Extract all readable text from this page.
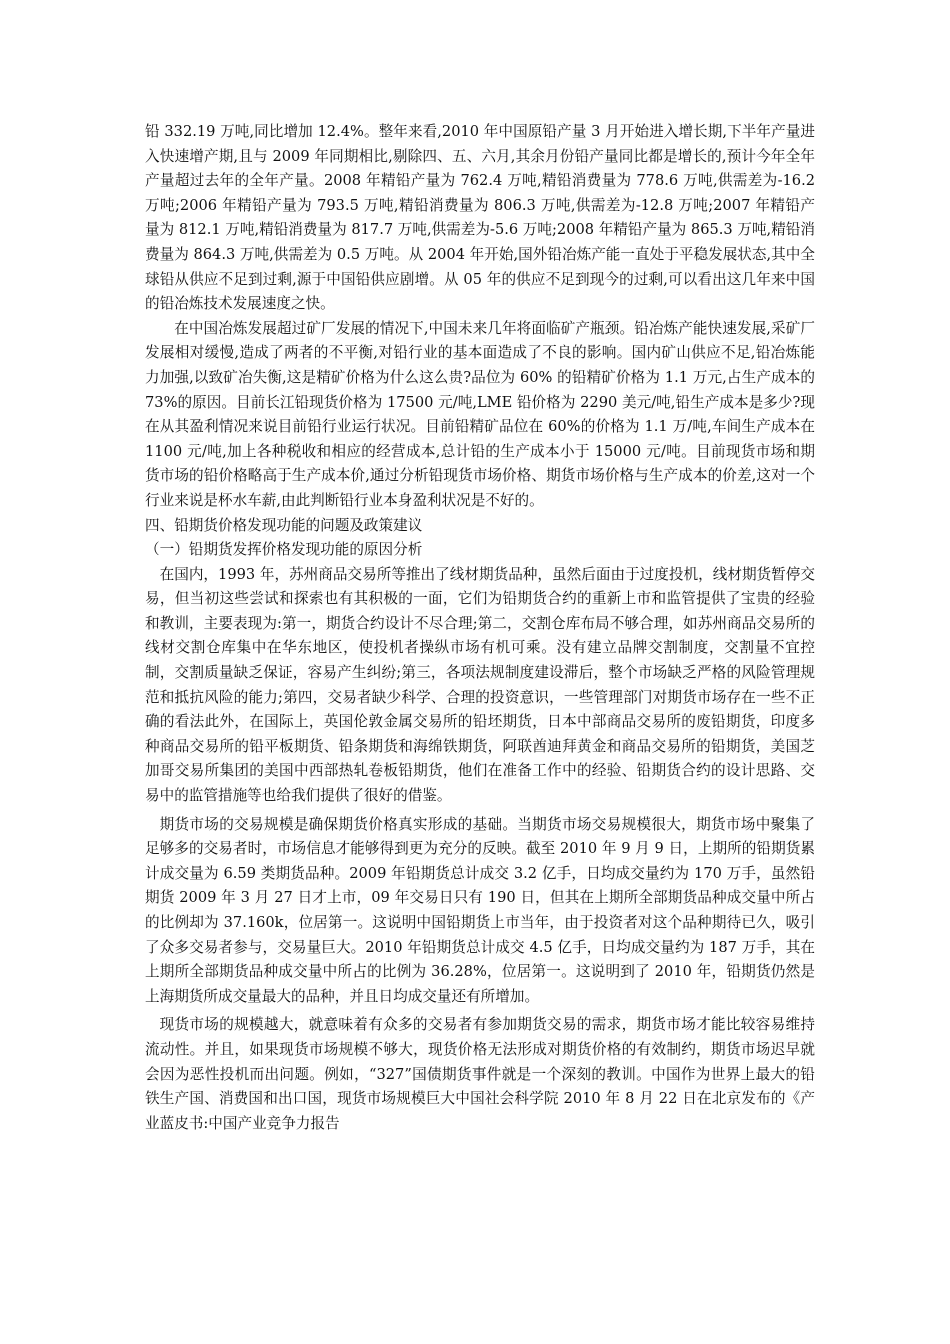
铅 332.19 万吨,同比增加 12.4%。整年来看,2010 年中国原铅产量 3 月开始进入增长期,下半年产量进入快速增产期,且与 2009 年同期相比,剔除四、五、六月,其余月份铅产量同比都是增长的,预计今年全年产量超过去年的全年产量。2008 年精铅产量为 762.4 万吨,精铅消费量为 778.6 万吨,供需差为-16.2 万吨;2006 年精铅产量为 793.5 万吨,精铅消费量为 806.3 万吨,供需差为-12.8 万吨;2007 年精铅产量为 812.1 万吨,精铅消费量为 817.7 万吨,供需差为-5.6 万吨;2008 年精铅产量为 865.3 万吨,精铅消费量为 864.3 万吨,供需差为 0.5 万吨。从 2004 年开始,国外铅冶炼产能一直处于平稳发展状态,其中全球铅从供应不足到过剩,源于中国铅供应剧增。从 05 年的供应不足到现今的过剩,可以看出这几年来中国的铅冶炼技术发展速度之快。

在中国冶炼发展超过矿厂发展的情况下,中国未来几年将面临矿产瓶颈。铅冶炼产能快速发展,采矿厂发展相对缓慢,造成了两者的不平衡,对铅行业的基本面造成了不良的影响。国内矿山供应不足,铅冶炼能力加强,以致矿冶失衡,这是精矿价格为什么这么贵?品位为 60% 的铅精矿价格为 1.1 万元,占生产成本的 73%的原因。目前长江铅现货价格为 17500 元/吨,LME 铅价格为 2290 美元/吨,铅生产成本是多少?现在从其盈利情况来说目前铅行业运行状况。目前铅精矿品位在 60%的价格为 1.1 万/吨,车间生产成本在 1100 元/吨,加上各种税收和相应的经营成本,总计铅的生产成本小于 15000 元/吨。目前现货市场和期货市场的铅价格略高于生产成本价,通过分析铅现货市场价格、期货市场价格与生产成本的价差,这对一个行业来说是杯水车薪,由此判断铅行业本身盈利状况是不好的。

四、铅期货价格发现功能的问题及政策建议

（一）铅期货发挥价格发现功能的原因分析

在国内，1993 年，苏州商品交易所等推出了线材期货品种，虽然后面由于过度投机，线材期货暂停交易，但当初这些尝试和探索也有其积极的一面，它们为铅期货合约的重新上市和监管提供了宝贵的经验和教训，主要表现为:第一，期货合约设计不尽合理;第二，交割仓库布局不够合理，如苏州商品交易所的线材交割仓库集中在华东地区，使投机者操纵市场有机可乘。没有建立品牌交割制度，交割量不宜控制，交割质量缺乏保证，容易产生纠纷;第三，各项法规制度建设滞后，整个市场缺乏严格的风险管理规范和抵抗风险的能力;第四，交易者缺少科学、合理的投资意识，一些管理部门对期货市场存在一些不正确的看法此外，在国际上，英国伦敦金属交易所的铅坯期货，日本中部商品交易所的废铅期货，印度多种商品交易所的铅平板期货、铅条期货和海绵铁期货，阿联酋迪拜黄金和商品交易所的铅期货，美国芝加哥交易所集团的美国中西部热轧卷板铅期货，他们在准备工作中的经验、铅期货合约的设计思路、交易中的监管措施等也给我们提供了很好的借鉴。

期货市场的交易规模是确保期货价格真实形成的基础。当期货市场交易规模很大，期货市场中聚集了足够多的交易者时，市场信息才能够得到更为充分的反映。截至 2010 年 9 月 9 日，上期所的铅期货累计成交量为 6.59 类期货品种。2009 年铅期货总计成交 3.2 亿手，日均成交量约为 170 万手，虽然铅期货 2009 年 3 月 27 日才上市，09 年交易日只有 190 日，但其在上期所全部期货品种成交量中所占的比例却为 37.160k，位居第一。这说明中国铅期货上市当年，由于投资者对这个品种期待已久，吸引了众多交易者参与，交易量巨大。2010 年铅期货总计成交 4.5 亿手，日均成交量约为 187 万手，其在上期所全部期货品种成交量中所占的比例为 36.28%，位居第一。这说明到了 2010 年，铅期货仍然是上海期货所成交量最大的品种，并且日均成交量还有所增加。

现货市场的规模越大，就意味着有众多的交易者有参加期货交易的需求，期货市场才能比较容易维持流动性。并且，如果现货市场规模不够大，现货价格无法形成对期货价格的有效制约，期货市场迟早就会因为恶性投机而出问题。例如，“327”国债期货事件就是一个深刻的教训。中国作为世界上最大的铅铁生产国、消费国和出口国，现货市场规模巨大中国社会科学院 2010 年 8 月 22 日在北京发布的《产业蓝皮书:中国产业竞争力报告
